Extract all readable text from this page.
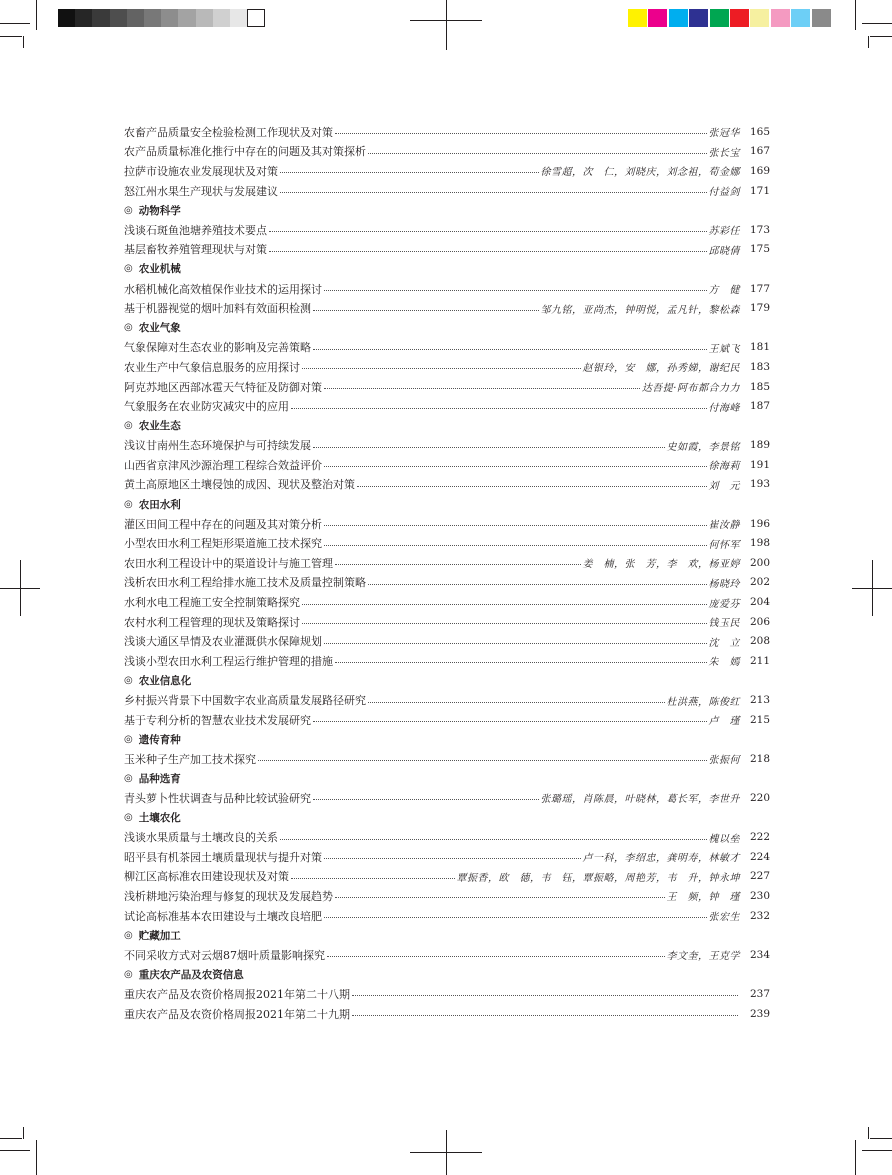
农畜产品质量安全检验检测工作现状及对策	张冠华 165
农产品质量标准化推行中存在的问题及其对策探析	张长宝 167
拉萨市设施农业发展现状及对策	徐雪超，次　仁，刘晓庆，刘念祖，荀金娜 169
怒江州水果生产现状与发展建议	付益剑 171
◎ 动物科学
浅谈石斑鱼池塘养殖技术要点	苏彩任 173
基层畜牧养殖管理现状与对策	邱晓倩 175
◎ 农业机械
水稻机械化高效植保作业技术的运用探讨	方　健 177
基于机器视觉的烟叶加料有效面积检测	邹九铭，亚尚杰，钟明悦，孟凡针，黎松森 179
◎ 农业气象
气象保障对生态农业的影响及完善策略	王斌飞 181
农业生产中气象信息服务的应用探讨	赵银玲，安　娜，孙秀娣，谢纪民 183
阿克苏地区西部冰雹天气特征及防御对策	达吾提·阿布都合力力 185
气象服务在农业防灾减灾中的应用	付海峰 187
◎ 农业生态
浅议甘南州生态环境保护与可持续发展	史如霞，李景铭 189
山西省京津风沙源治理工程综合效益评价	徐海莉 191
黄土高原地区土壤侵蚀的成因、现状及整治对策	刘　元 193
◎ 农田水利
灌区田间工程中存在的问题及其对策分析	崔汝静 196
小型农田水利工程矩形渠道施工技术探究	何怀军 198
农田水利工程设计中的渠道设计与施工管理	姜　楠，张　芳，李　欢，杨亚婷 200
浅析农田水利工程给排水施工技术及质量控制策略	杨晓玲 202
水利水电工程施工安全控制策略探究	庞爱芬 204
农村水利工程管理的现状及策略探讨	钱玉民 206
浅谈大通区旱情及农业灌溉供水保障规划	沈　立 208
浅谈小型农田水利工程运行维护管理的措施	朱　嫣 211
◎ 农业信息化
乡村振兴背景下中国数字农业高质量发展路径研究	杜洪燕，陈俊红 213
基于专利分析的智慧农业技术发展研究	卢　瑾 215
◎ 遗传育种
玉米种子生产加工技术探究	张振何 218
◎ 品种选育
青头萝卜性状调查与品种比较试验研究	张璐瑶，肖陈晨，叶晓林，葛长军，李世升 220
◎ 土壤农化
浅谈水果质量与土壤改良的关系	槐以垒 222
昭平县有机茶园土壤质量现状与提升对策	卢一科，李绍忠，龚明寿，林敏才 224
柳江区高标准农田建设现状及对策	覃振香，欧　德，韦　钰，覃振略，周艳芳，韦　升，钟永坤 227
浅析耕地污染治理与修复的现状及发展趋势	王　频，钟　瑾 230
试论高标准基本农田建设与土壤改良培肥	张宏生 232
◎ 贮藏加工
不同采收方式对云烟87烟叶质量影响探究	李文奎，王克学 234
◎ 重庆农产品及农资信息
重庆农产品及农资价格周报2021年第二十八期	237
重庆农产品及农资价格周报2021年第二十九期	239
